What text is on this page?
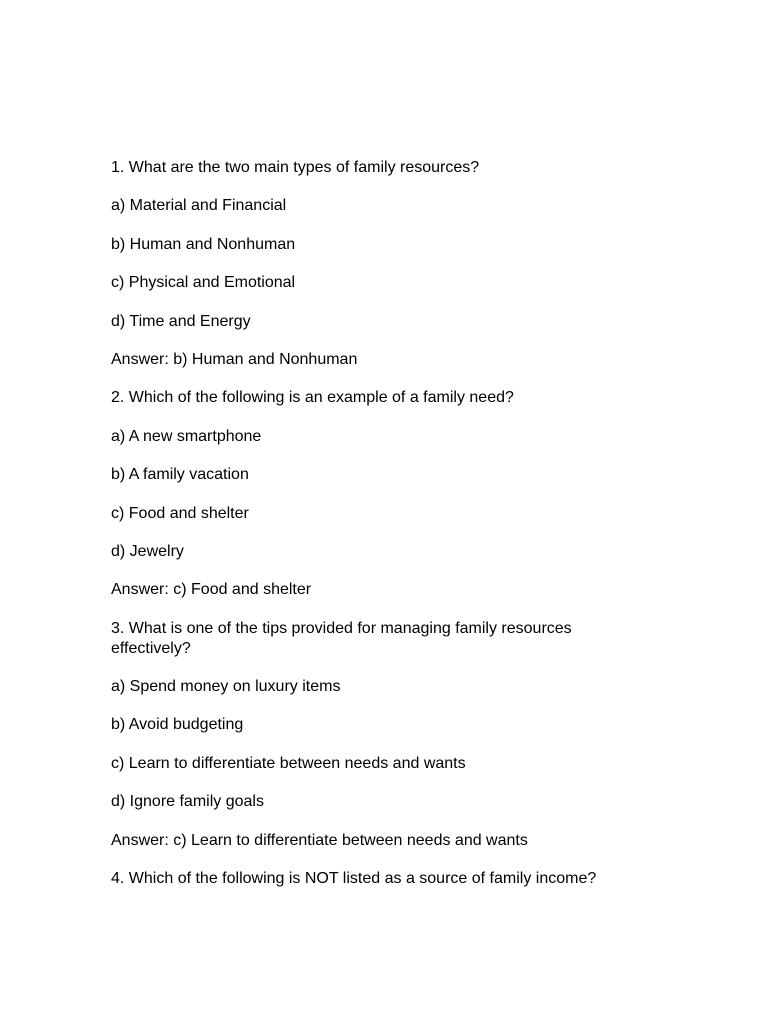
1. What are the two main types of family resources?

a) Material and Financial

b) Human and Nonhuman

c) Physical and Emotional

d) Time and Energy

Answer: b) Human and Nonhuman

2. Which of the following is an example of a family need?

a) A new smartphone

b) A family vacation

c) Food and shelter

d) Jewelry

Answer: c) Food and shelter

3. What is one of the tips provided for managing family resources effectively?

a) Spend money on luxury items

b) Avoid budgeting

c) Learn to differentiate between needs and wants

d) Ignore family goals

Answer: c) Learn to differentiate between needs and wants

4. Which of the following is NOT listed as a source of family income?
